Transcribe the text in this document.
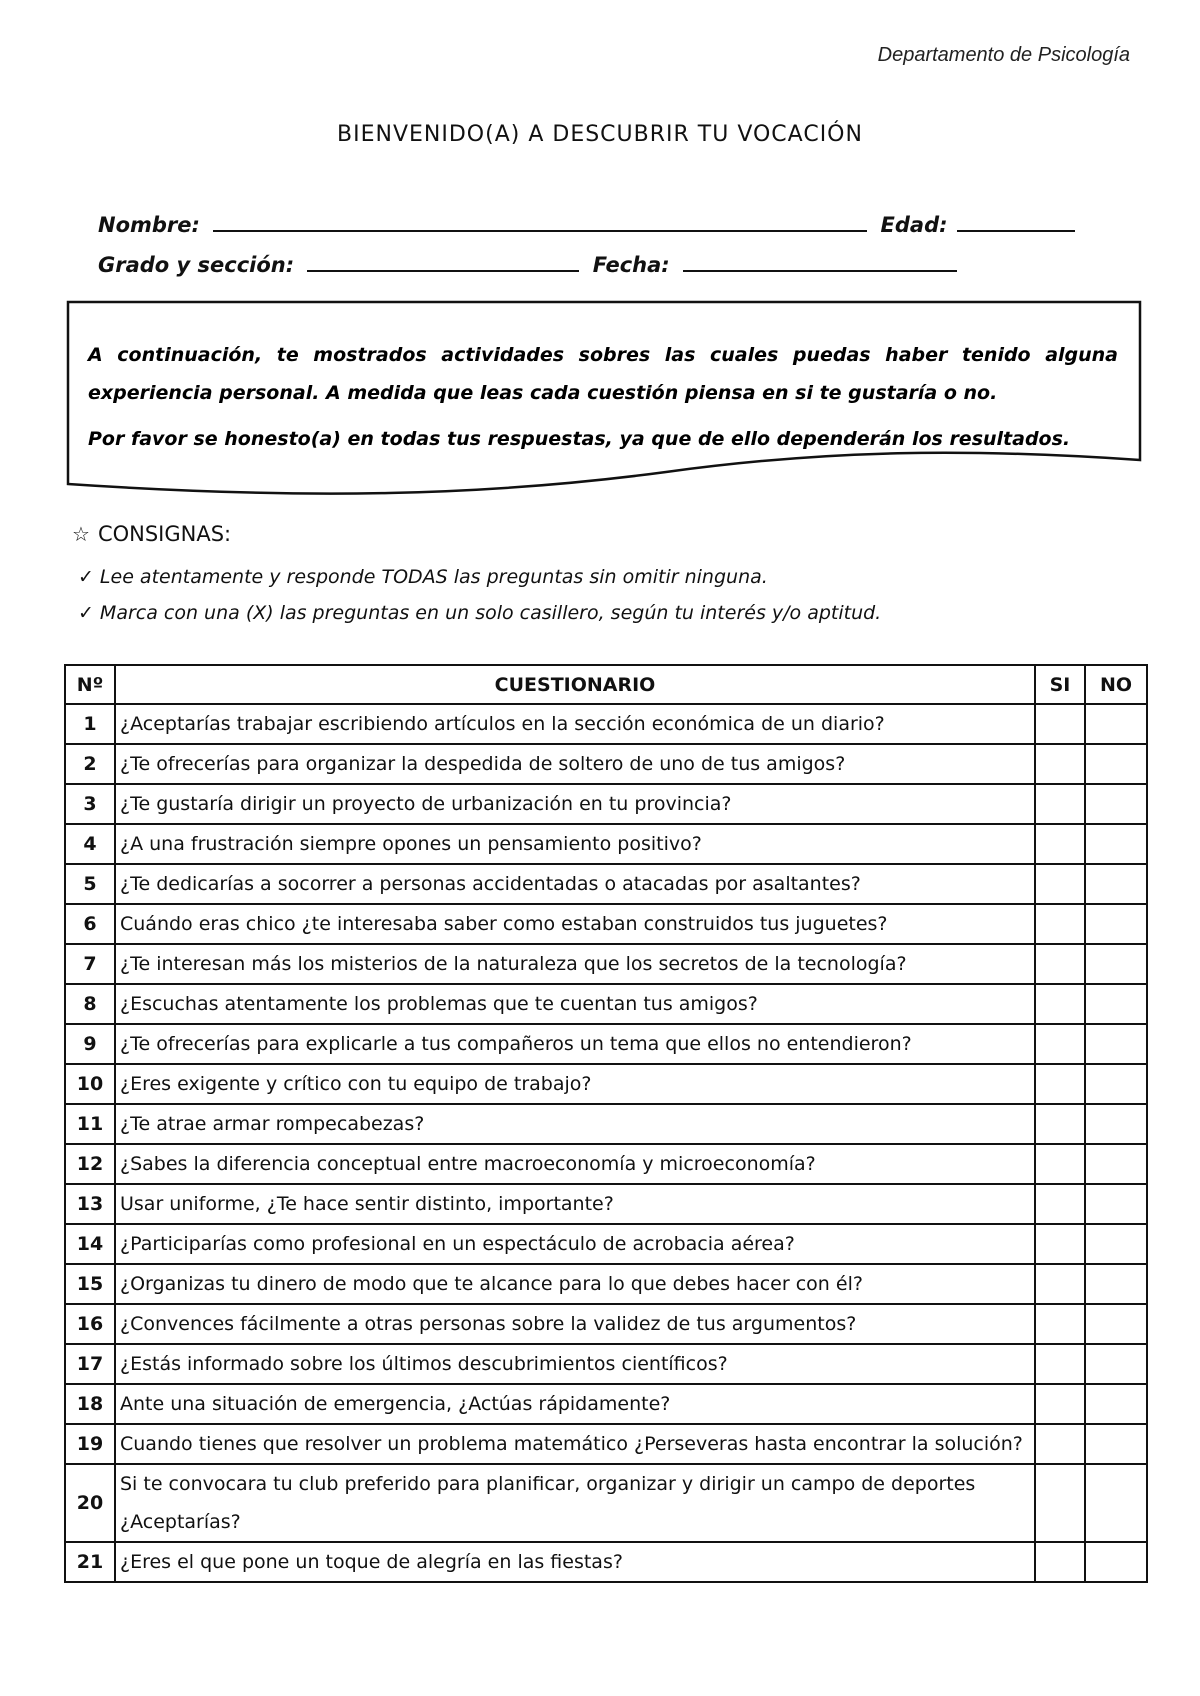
Departamento de Psicología
BIENVENIDO(A) A DESCUBRIR TU VOCACIÓN
Nombre:	Edad:
Grado y sección:	Fecha:

A continuación, te mostrados actividades sobres las cuales puedas haber tenido alguna experiencia personal. A medida que leas cada cuestión piensa en si te gustaría o no.

Por favor se honesto(a) en todas tus respuestas, ya que de ello dependerán los resultados.

☆ CONSIGNAS:
✓ Lee atentamente y responde TODAS las preguntas sin omitir ninguna.
✓ Marca con una (X) las preguntas en un solo casillero, según tu interés y/o aptitud.
Nº	CUESTIONARIO	SI	NO
1	¿Aceptarías trabajar escribiendo artículos en la sección económica de un diario?		
2	¿Te ofrecerías para organizar la despedida de soltero de uno de tus amigos?		
3	¿Te gustaría dirigir un proyecto de urbanización en tu provincia?		
4	¿A una frustración siempre opones un pensamiento positivo?		
5	¿Te dedicarías a socorrer a personas accidentadas o atacadas por asaltantes?		
6	Cuándo eras chico ¿te interesaba saber como estaban construidos tus juguetes?		
7	¿Te interesan más los misterios de la naturaleza que los secretos de la tecnología?		
8	¿Escuchas atentamente los problemas que te cuentan tus amigos?		
9	¿Te ofrecerías para explicarle a tus compañeros un tema que ellos no entendieron?		
10	¿Eres exigente y crítico con tu equipo de trabajo?		
11	¿Te atrae armar rompecabezas?		
12	¿Sabes la diferencia conceptual entre macroeconomía y microeconomía?		
13	Usar uniforme, ¿Te hace sentir distinto, importante?		
14	¿Participarías como profesional en un espectáculo de acrobacia aérea?		
15	¿Organizas tu dinero de modo que te alcance para lo que debes hacer con él?		
16	¿Convences fácilmente a otras personas sobre la validez de tus argumentos?		
17	¿Estás informado sobre los últimos descubrimientos científicos?		
18	Ante una situación de emergencia, ¿Actúas rápidamente?		
19	Cuando tienes que resolver un problema matemático ¿Perseveras hasta encontrar la solución?		
20	Si te convocara tu club preferido para planificar, organizar y dirigir un campo de deportes ¿Aceptarías?		
21	¿Eres el que pone un toque de alegría en las fiestas?		
